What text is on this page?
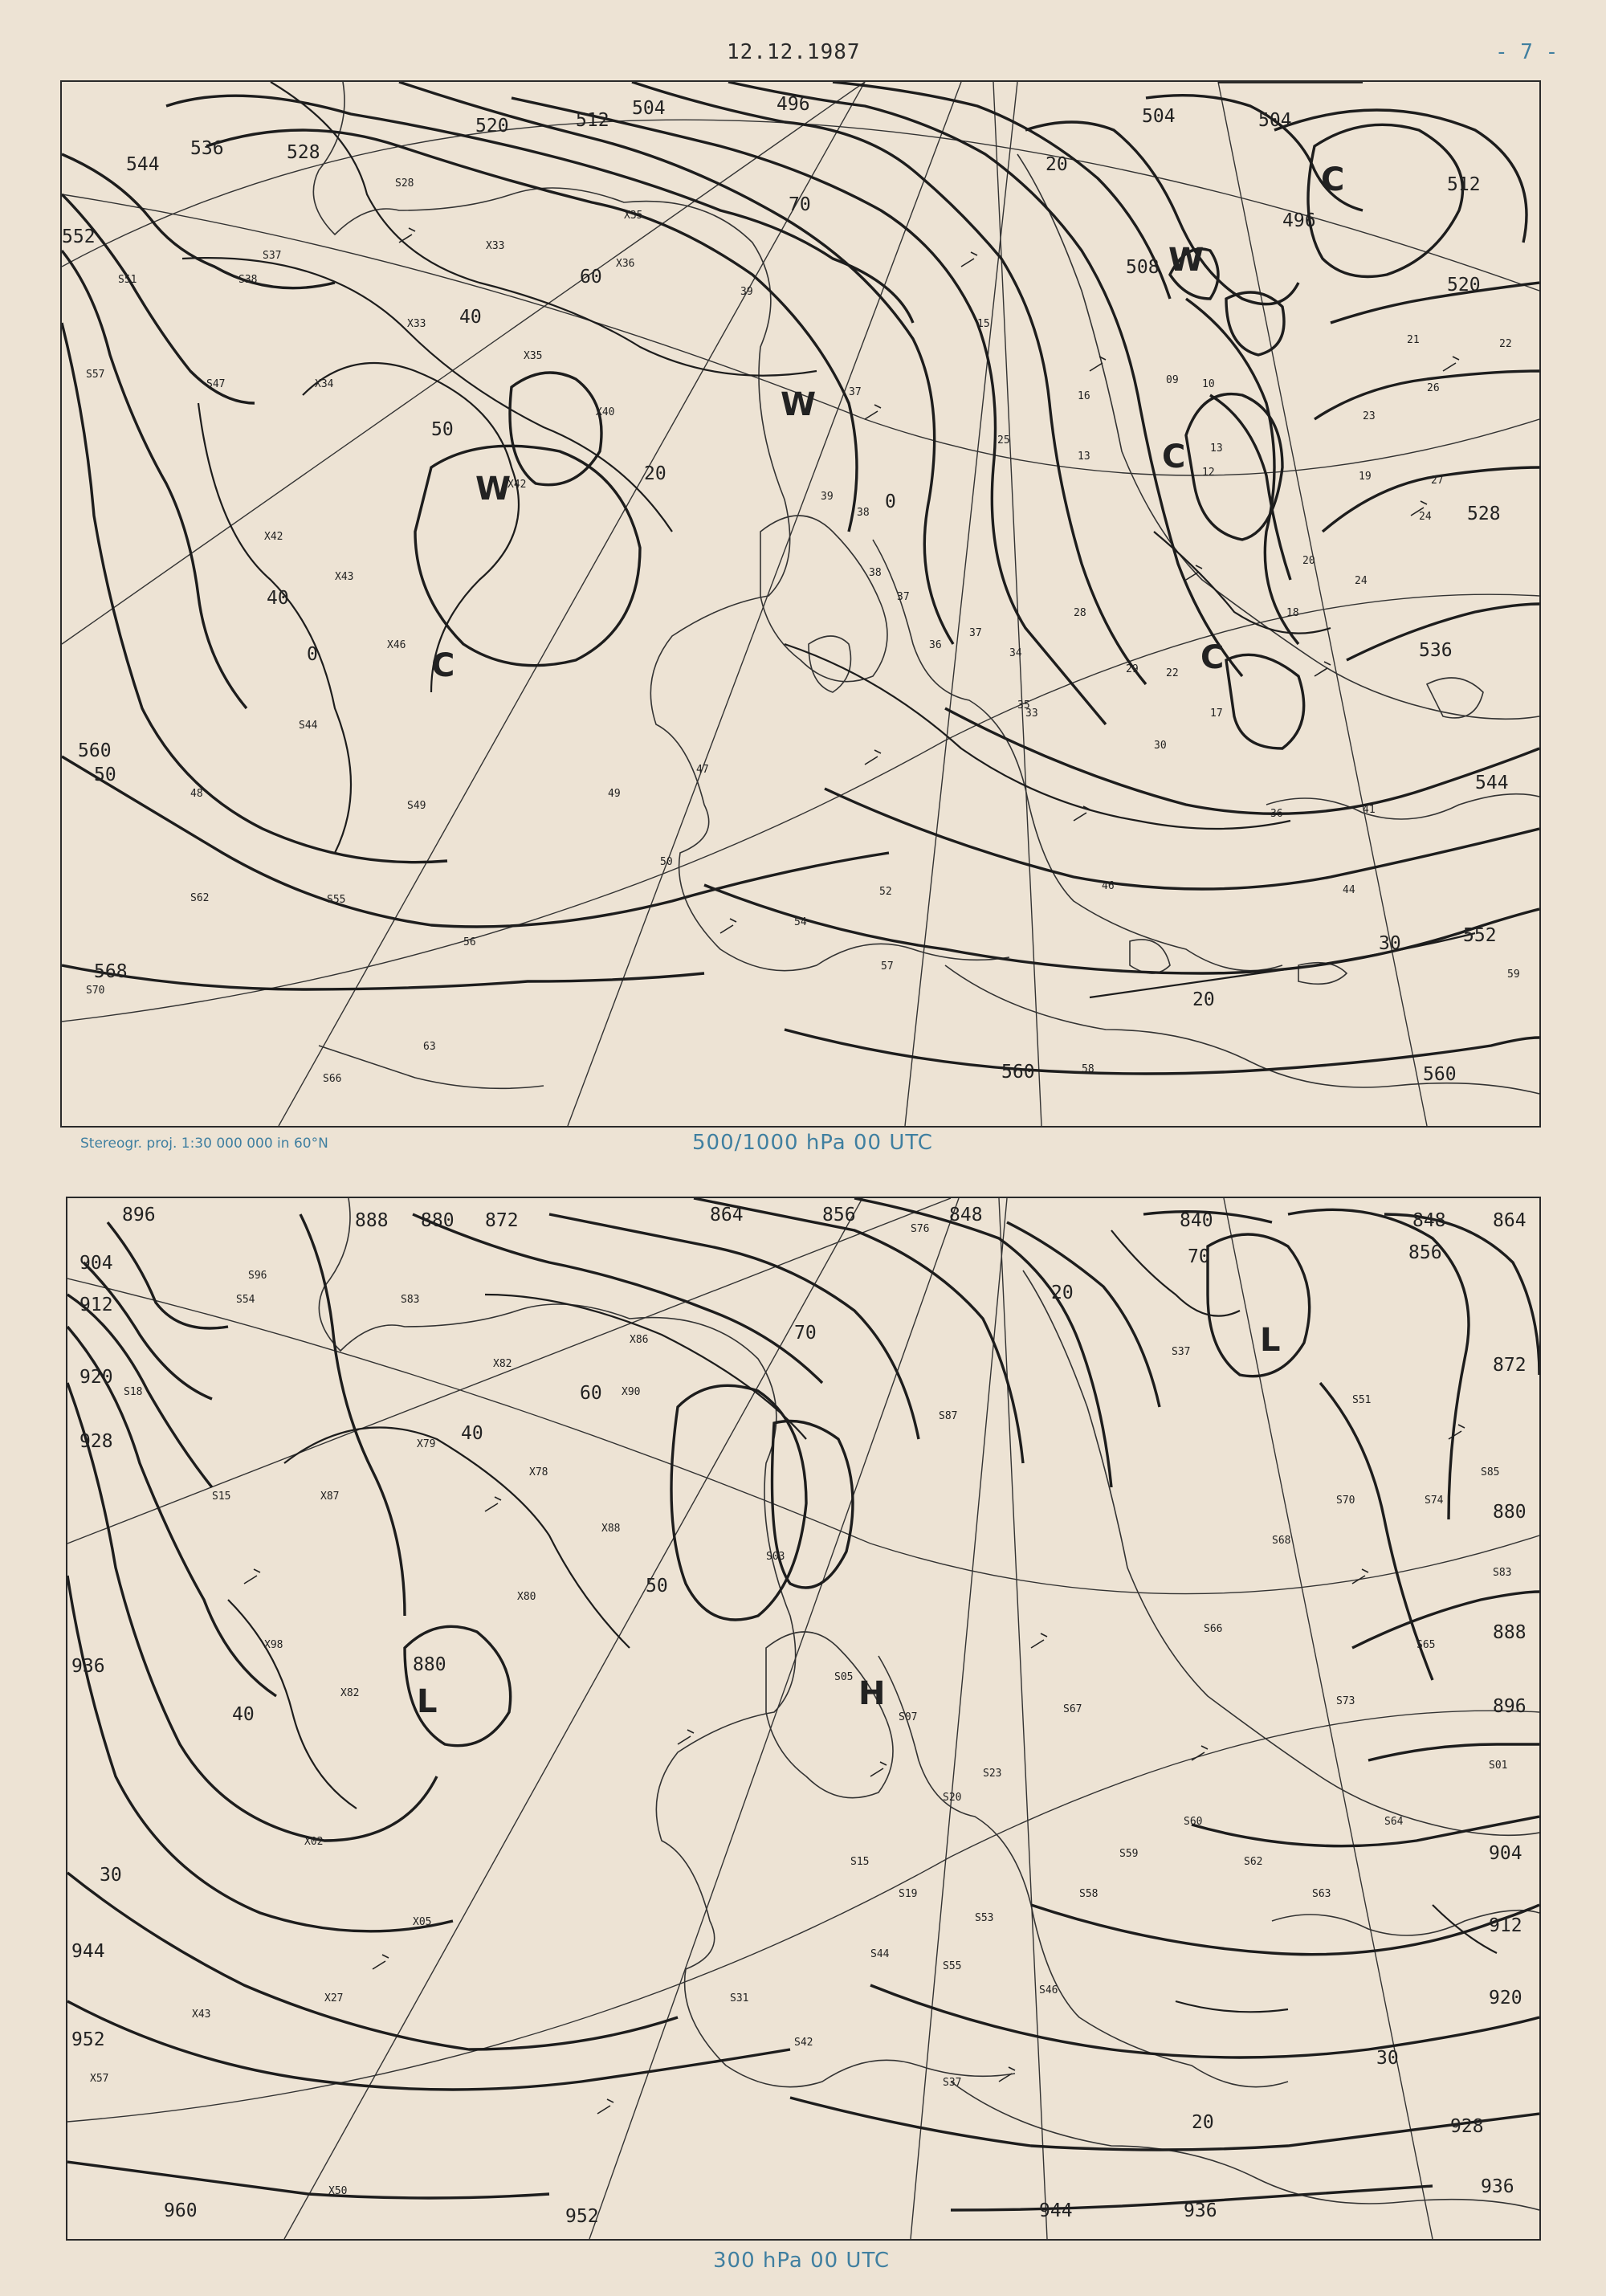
12.12.1987	- 7 -
544
536	528
520	512
504	496
552
560
568
504
496
504
512
520
508
528
536
544
552
560	560
40
50
60
70
20
0
40
50
0
20
30
20
W
W
W
C
C
C
C
S28
X33
X35
X36
S51
S37
S38
S47	X34
X33
X35
X40
X42
X43
X46
S44
S49
S55
S62
S70
S66
S57
X42
37
38
39
39
38
37
36
37
34
35
33
15
16
13
10
09
13
12
20
18
23
19
24
21
26
22
27
28
29
30
36	41
44
46
47
48	49
50
52
54
56
57
58
59
63
25
24
22
17
Stereogr. proj. 1:30 000 000 in 60°N	500/1000 hPa 00 UTC
896
904
912
920
928
936
944
952
960
888 880 872	864	856	848	840	848
856
864
872
880
888
896
904
912
920
928
936
944	936
952
880
40
50
60
70
20
40
30
20
30
70
L
L	H
S83
X86
X82
X90
X79
X87
S15
X78
X88
X80
X98
X82
X02
X05
X27
X43
X57
X50
S18
S96
S54
S87
S37
S51
S76
S85
S73
S83
S01
S03
S05
S07
S15
S19
S20
S23
S31
S37
S42
S44
S46
S53
S55
S58
S59
S60
S62
S63
S64
S65
S66
S67
S68
S70	S74
300 hPa 00 UTC
